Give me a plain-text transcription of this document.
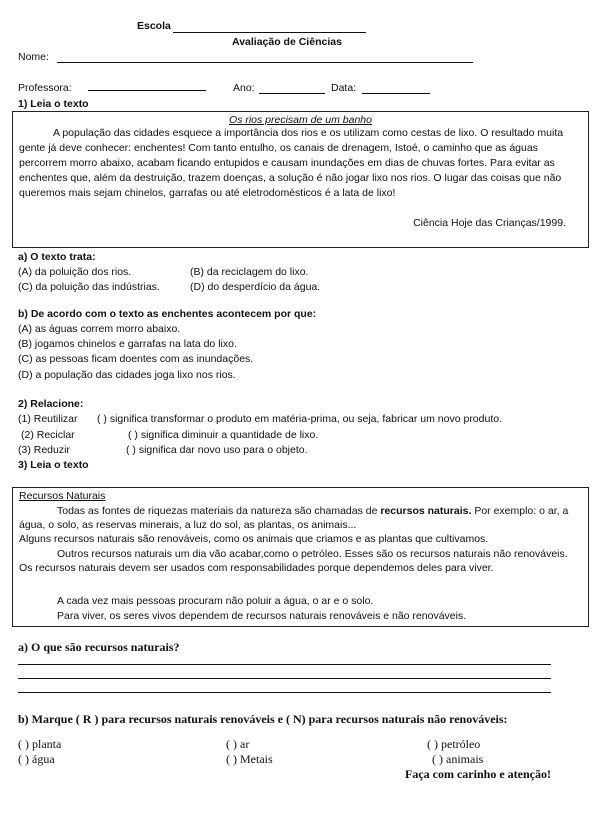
Escola
Avaliação de Ciências
Nome:
Professora:	Ano:	Data:
1) Leia o texto
Os rios precisam de um banho
A população das cidades esquece a importância dos rios e os utilizam como cestas de lixo. O resultado muita gente já deve conhecer: enchentes! Com tanto entulho, os canais de drenagem, Istoé, o caminho que as águas percorrem morro abaixo, acabam ficando entupidos e causam inundações em dias de chuvas fortes. Para evitar as enchentes que, além da destruição, trazem doenças, a solução é não jogar lixo nos rios. O lugar das coisas que não queremos mais sejam chinelos, garrafas ou até eletrodomésticos é a lata de lixo!
Ciência Hoje das Crianças/1999.
a) O texto trata:
(A) da poluição dos rios.	(B) da reciclagem do lixo.
(C) da poluição das indústrias.	(D) do desperdício da água.
b) De acordo com o texto as enchentes acontecem por que:
(A) as águas correm morro abaixo.
(B) jogamos chinelos e garrafas na lata do lixo.
(C) as pessoas ficam doentes com as inundações.
(D) a população das cidades joga lixo nos rios.
2) Relacione:
(1) Reutilizar ( ) significa transformar o produto em matéria-prima, ou seja, fabricar um novo produto.
(2) Reciclar	( ) significa diminuir a quantidade de lixo.
(3) Reduzir	( ) significa dar novo uso para o objeto.
3) Leia o texto
Recursos Naturais
Todas as fontes de riquezas materiais da natureza são chamadas de recursos naturais. Por exemplo: o ar, a água, o solo, as reservas minerais, a luz do sol, as plantas, os animais...
Alguns recursos naturais são renováveis, como os animais que criamos e as plantas que cultivamos.
Outros recursos naturais um dia vão acabar,como o petróleo. Esses são os recursos naturais não renováveis. Os recursos naturais devem ser usados com responsabilidades porque dependemos deles para viver.
A cada vez mais pessoas procuram não poluir a água, o ar e o solo.
Para viver, os seres vivos dependem de recursos naturais renováveis e não renováveis.
a) O que são recursos naturais?
b) Marque ( R ) para recursos naturais renováveis e ( N) para recursos naturais não renováveis:
( ) planta	( ) ar	( ) petróleo
( ) água	( ) Metais	( ) animais
Faça com carinho e atenção!
